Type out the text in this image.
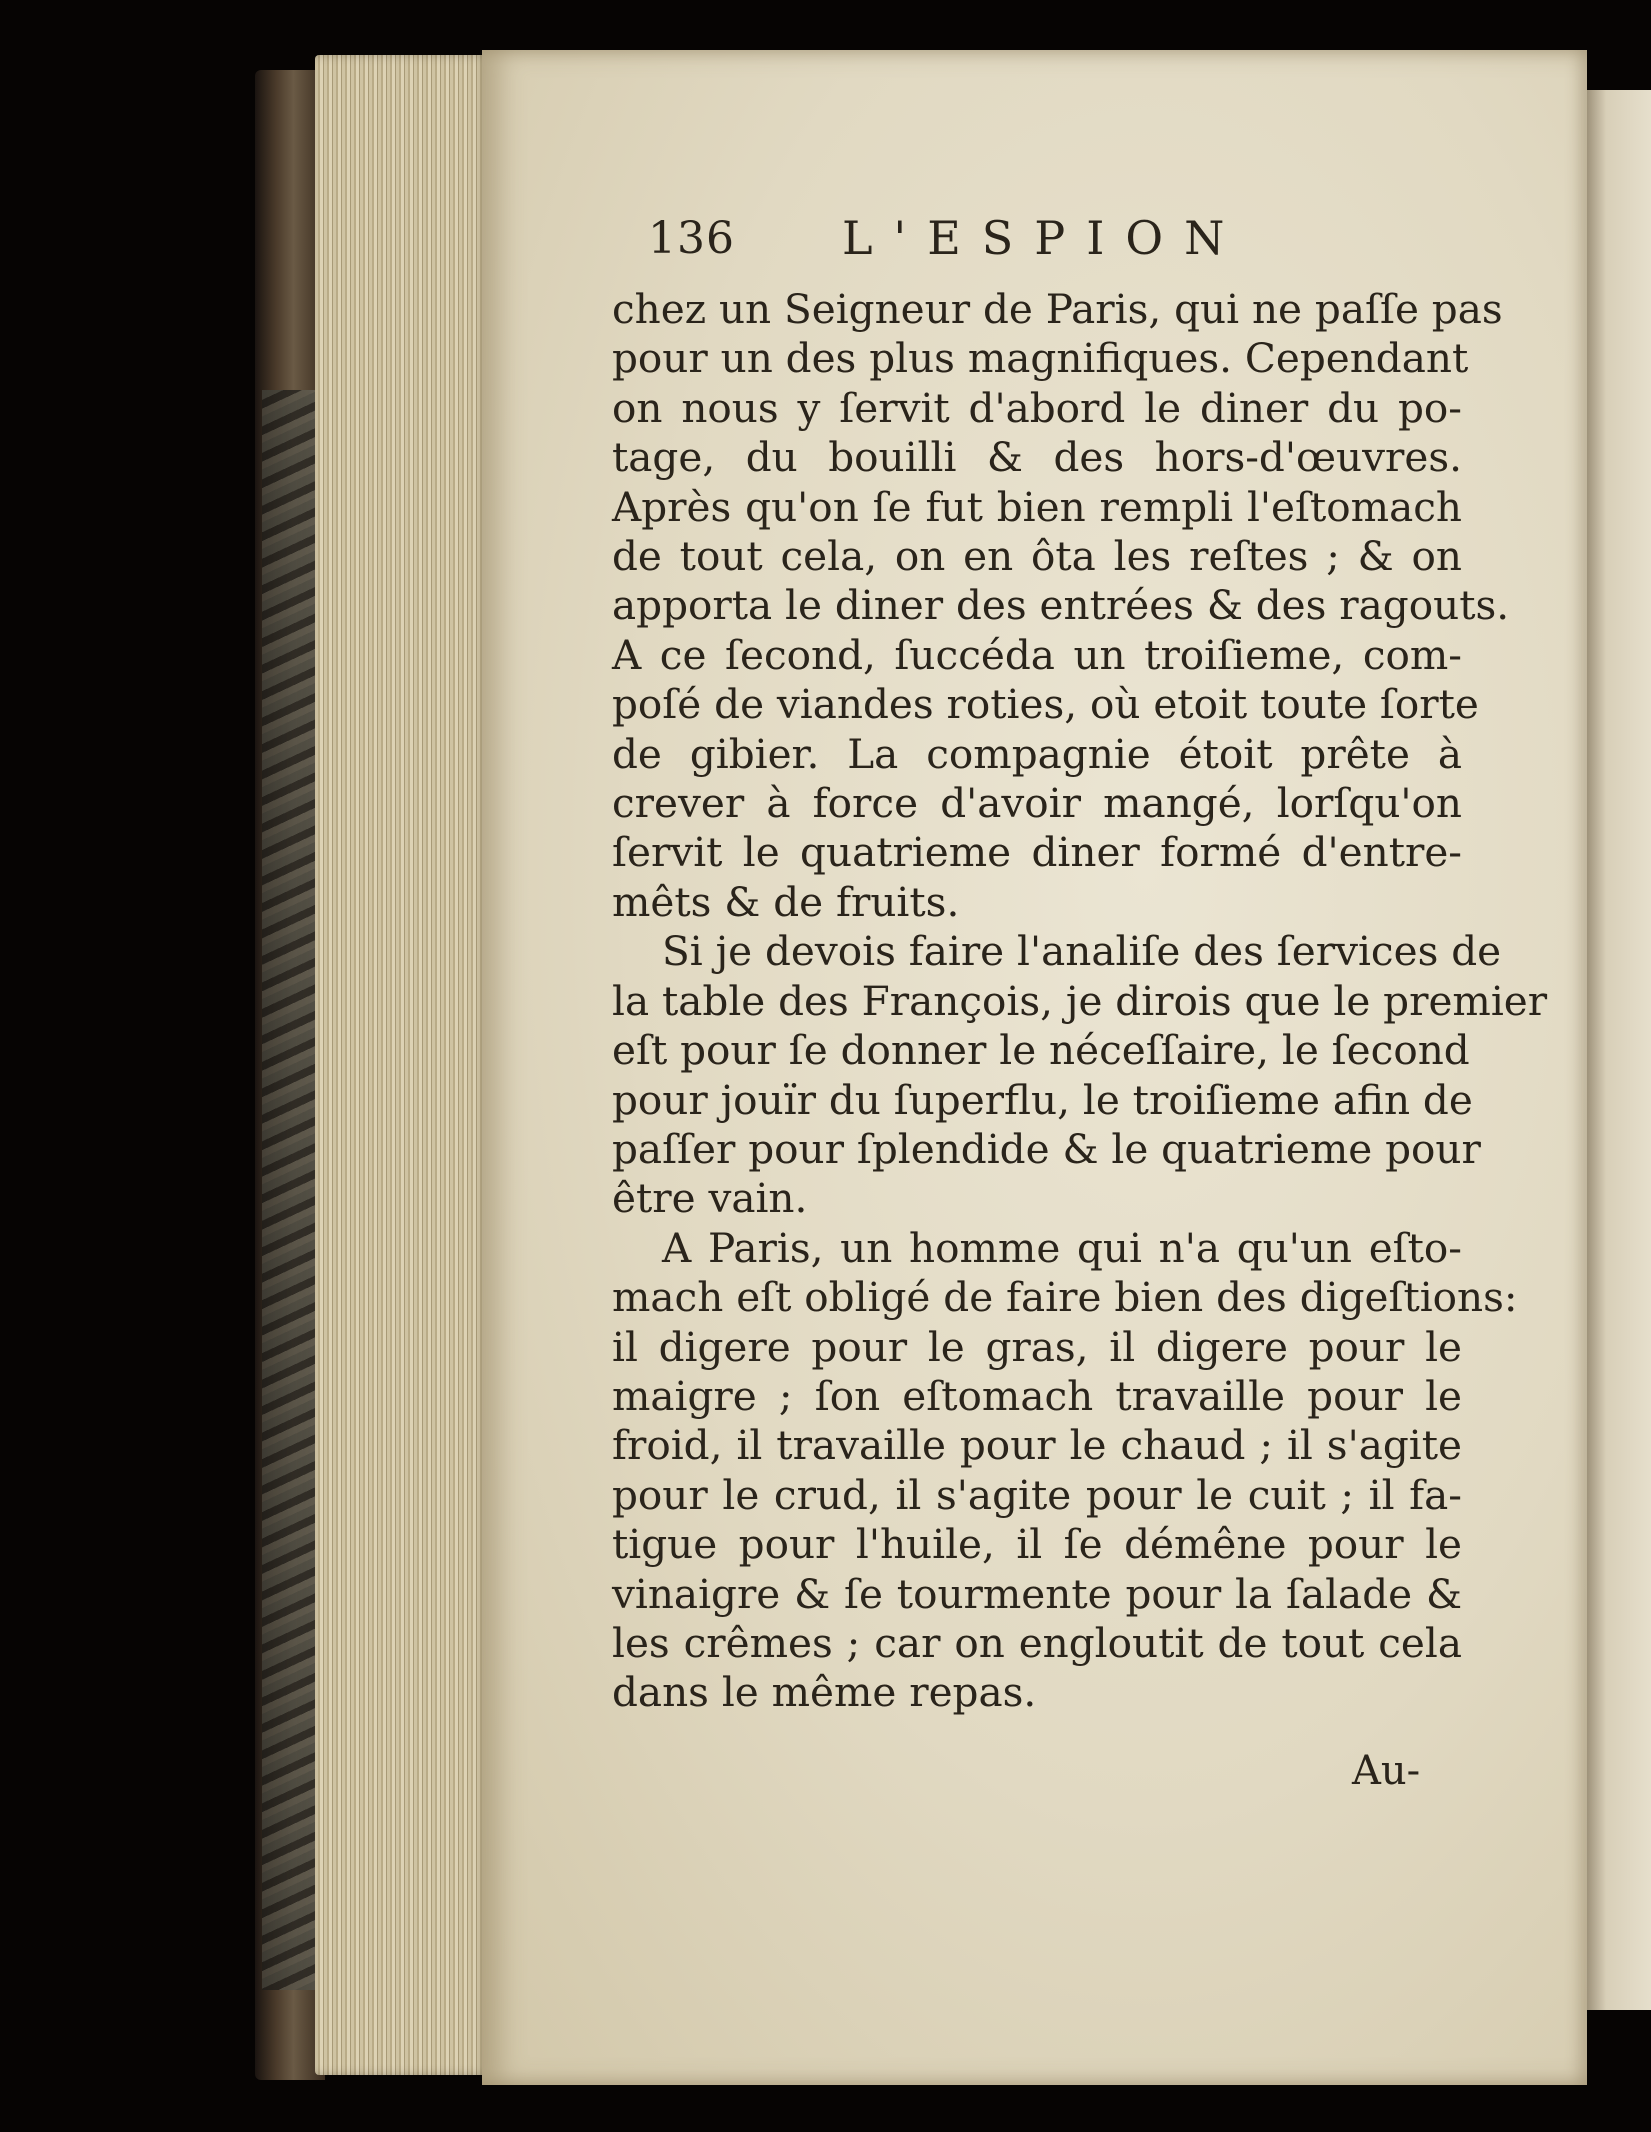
136 L'ESPION
chez un Seigneur de Paris, qui ne paſſe pas
pour un des plus magnifiques. Cependant
on nous y ſervit d'abord le diner du po-
tage, du bouilli & des hors-d'œuvres.
Après qu'on ſe fut bien rempli l'eſtomach
de tout cela, on en ôta les reſtes ; & on
apporta le diner des entrées & des ragouts.
A ce ſecond, ſuccéda un troiſieme, com-
poſé de viandes roties, où etoit toute ſorte
de gibier. La compagnie étoit prête à
crever à force d'avoir mangé, lorſqu'on
ſervit le quatrieme diner formé d'entre-
mêts & de fruits.
Si je devois faire l'analiſe des ſervices de
la table des François, je dirois que le premier
eſt pour ſe donner le néceſſaire, le ſecond
pour jouïr du ſuperflu, le troiſieme afin de
paſſer pour ſplendide & le quatrieme pour
être vain.
A Paris, un homme qui n'a qu'un eſto-
mach eſt obligé de faire bien des digeſtions:
il digere pour le gras, il digere pour le
maigre ; ſon eſtomach travaille pour le
froid, il travaille pour le chaud ; il s'agite
pour le crud, il s'agite pour le cuit ; il fa-
tigue pour l'huile, il ſe démêne pour le
vinaigre & ſe tourmente pour la ſalade &
les crêmes ; car on engloutit de tout cela
dans le même repas.
Au-
